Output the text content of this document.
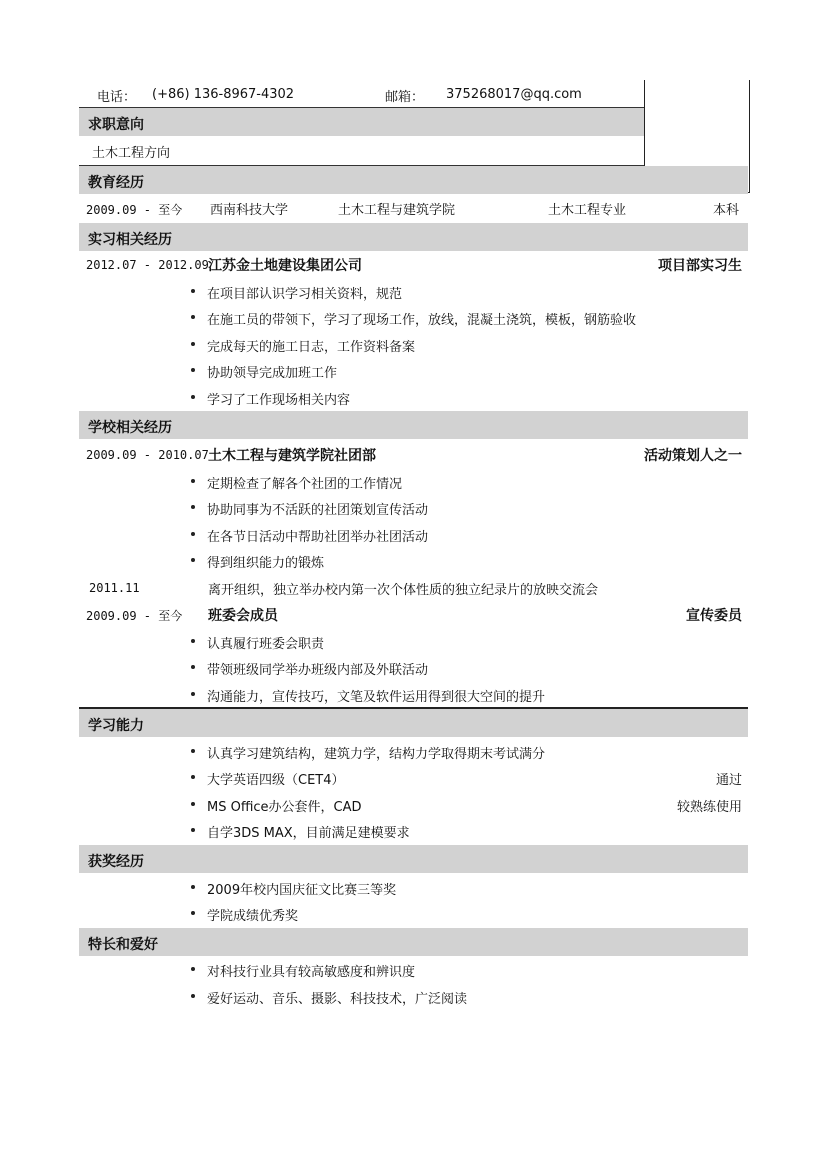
电话： (+86) 136-8967-4302	邮箱： 375268017@qq.com
求职意向
土木工程方向
教育经历
2009.09 - 至今 西南科技大学	土木工程与建筑学院	土木工程专业	本科
实习相关经历
2012.07 - 2012.09 江苏金土地建设集团公司	项目部实习生
在项目部认识学习相关资料，规范
在施工员的带领下，学习了现场工作，放线，混凝土浇筑，模板，钢筋验收
完成每天的施工日志，工作资料备案
协助领导完成加班工作
学习了工作现场相关内容
学校相关经历
2009.09 - 2010.07 土木工程与建筑学院社团部	活动策划人之一
定期检查了解各个社团的工作情况
协助同事为不活跃的社团策划宣传活动
在各节日活动中帮助社团举办社团活动
得到组织能力的锻炼
2011.11	离开组织，独立举办校内第一次个体性质的独立纪录片的放映交流会
2009.09 - 至今 班委会成员	宣传委员
认真履行班委会职责
带领班级同学举办班级内部及外联活动
沟通能力，宣传技巧，文笔及软件运用得到很大空间的提升
学习能力
认真学习建筑结构，建筑力学，结构力学取得期末考试满分
大学英语四级（CET4）	通过
MS Office办公套件，CAD	较熟练使用
自学3DS MAX，目前满足建模要求
获奖经历
2009年校内国庆征文比赛三等奖
学院成绩优秀奖
特长和爱好
对科技行业具有较高敏感度和辨识度
爱好运动、音乐、摄影、科技技术，广泛阅读
